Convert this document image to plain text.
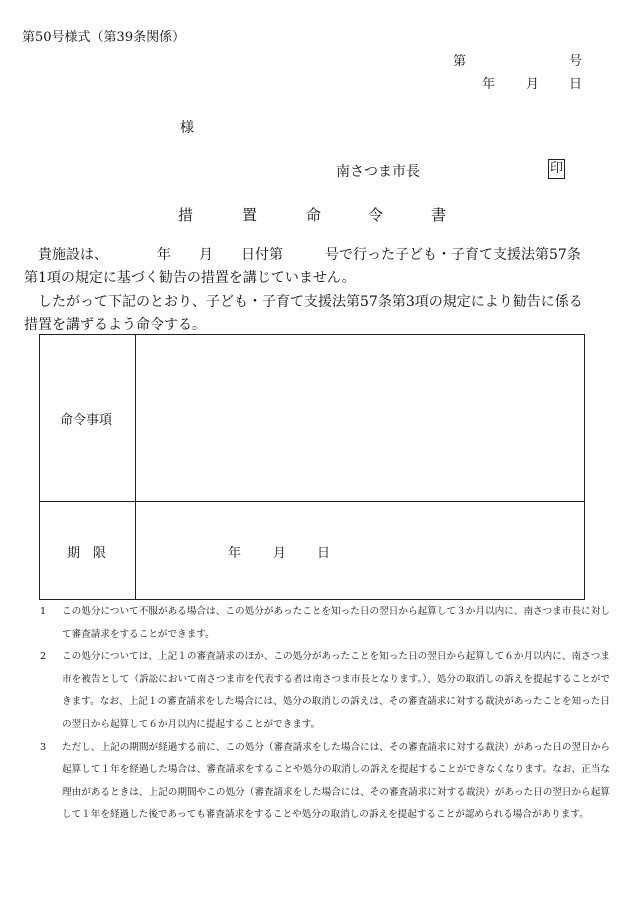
第50号様式（第39条関係）
第	号
年 月 日
様
南さつま市長	印
措	置	命	令	書

貴施設は、　　　　年　　月　　日付第　　　号で行った子ども・子育て支援法第57条

第1項の規定に基づく勧告の措置を講じていません。

したがって下記のとおり、子ども・子育て支援法第57条第3項の規定により勧告に係る

措置を講ずるよう命令する。

命令事項
期　限	年 月 日
1	この処分について不服がある場合は、この処分があったことを知った日の翌日から起算して３か月以内に、南さつま市長に対して審査請求をすることができます。
2	この処分については、上記１の審査請求のほか、この処分があったことを知った日の翌日から起算して６か月以内に、南さつま市を被告として（訴訟において南さつま市を代表する者は南さつま市長となります。）、処分の取消しの訴えを提起することができます。なお、上記１の審査請求をした場合には、処分の取消しの訴えは、その審査請求に対する裁決があったことを知った日の翌日から起算して６か月以内に提起することができます。
3	ただし、上記の期間が経過する前に、この処分（審査請求をした場合には、その審査請求に対する裁決）があった日の翌日から起算して１年を経過した場合は、審査請求をすることや処分の取消しの訴えを提起することができなくなります。なお、正当な理由があるときは、上記の期間やこの処分（審査請求をした場合には、その審査請求に対する裁決）があった日の翌日から起算して１年を経過した後であっても審査請求をすることや処分の取消しの訴えを提起することが認められる場合があります。
